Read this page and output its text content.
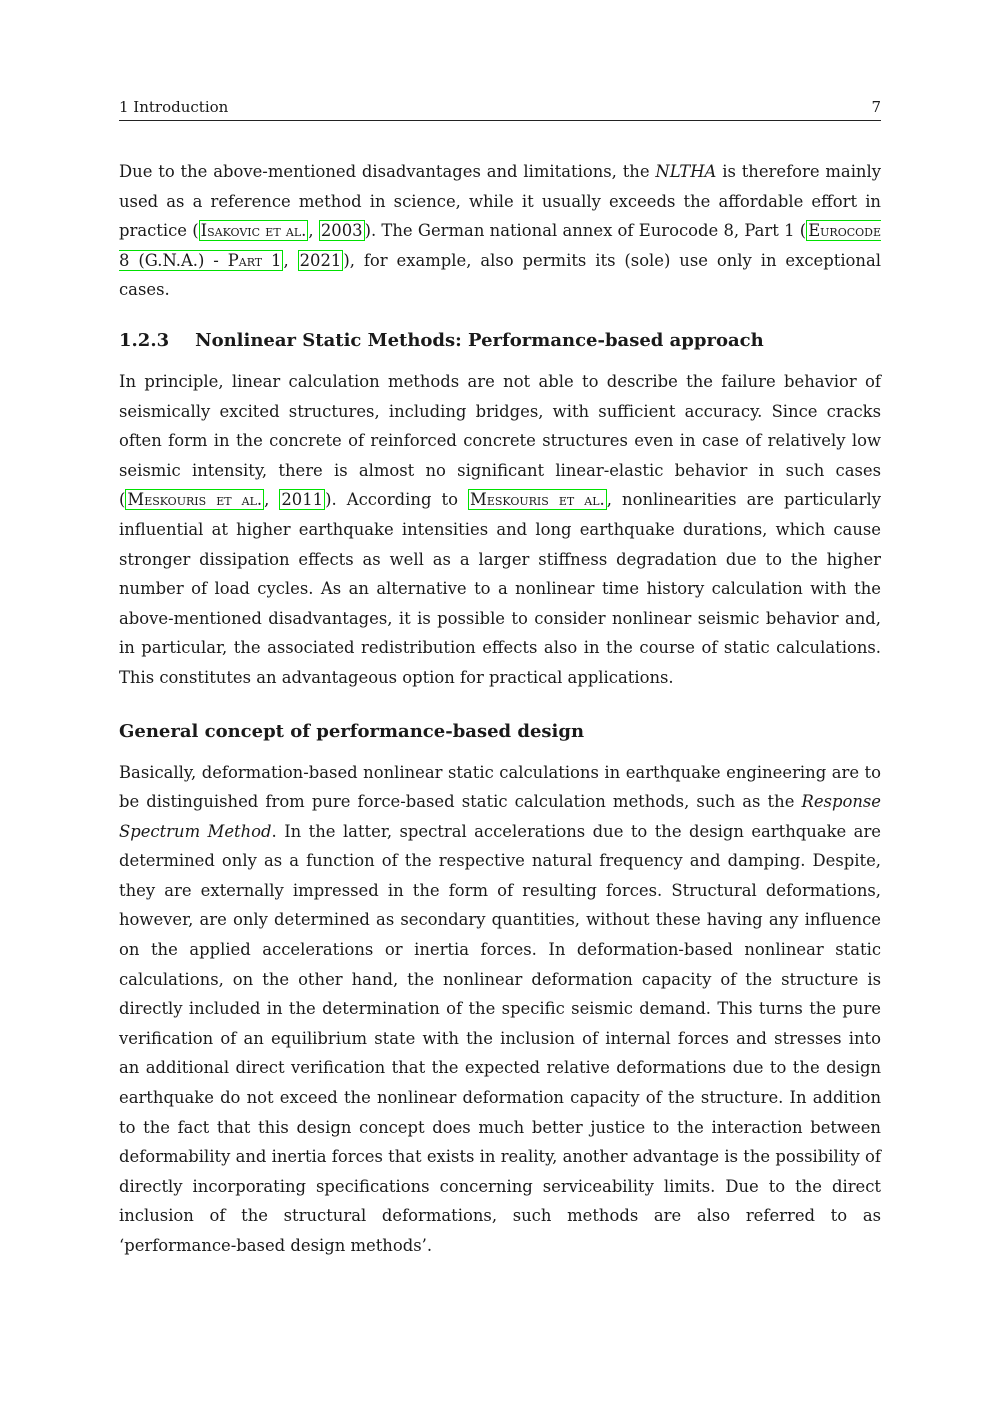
1 Introduction	7

Due to the above-mentioned disadvantages and limitations, the NLTHA is therefore mainly used as a reference method in science, while it usually exceeds the affordable effort in practice ( Isakovic et al. , 2003 ). The German national annex of Eurocode 8, Part 1 ( Eurocode 8 (G.N.A.) - Part 1 , 2021 ), for example, also permits its (sole) use only in exceptional cases.

1.2.3 Nonlinear Static Methods: Performance-based approach

In principle, linear calculation methods are not able to describe the failure behavior of seismically excited structures, including bridges, with sufficient accuracy. Since cracks often form in the concrete of reinforced concrete structures even in case of relatively low seismic intensity, there is almost no significant linear-elastic behavior in such cases ( Meskouris et al. , 2011 ). According to Meskouris et al. , nonlinearities are particularly influential at higher earthquake intensities and long earthquake durations, which cause stronger dissipation effects as well as a larger stiffness degradation due to the higher number of load cycles. As an alternative to a nonlinear time history calculation with the above-mentioned disadvantages, it is possible to consider nonlinear seismic behavior and, in particular, the associated redistribution effects also in the course of static calculations. This constitutes an advantageous option for practical applications.

General concept of performance-based design

Basically, deformation-based nonlinear static calculations in earthquake engineering are to be distinguished from pure force-based static calculation methods, such as the Response Spectrum Method. In the latter, spectral accelerations due to the design earthquake are determined only as a function of the respective natural frequency and damping. Despite, they are externally impressed in the form of resulting forces. Structural deformations, however, are only determined as secondary quantities, without these having any influence on the applied accelerations or inertia forces. In deformation-based nonlinear static calculations, on the other hand, the nonlinear deformation capacity of the structure is directly included in the determination of the specific seismic demand. This turns the pure verification of an equilibrium state with the inclusion of internal forces and stresses into an additional direct verification that the expected relative deformations due to the design earthquake do not exceed the nonlinear deformation capacity of the structure. In addition to the fact that this design concept does much better justice to the interaction between deformability and inertia forces that exists in reality, another advantage is the possibility of directly incorporating specifications concerning serviceability limits. Due to the direct inclusion of the structural deformations, such methods are also referred to as ‘performance-based design methods’.
